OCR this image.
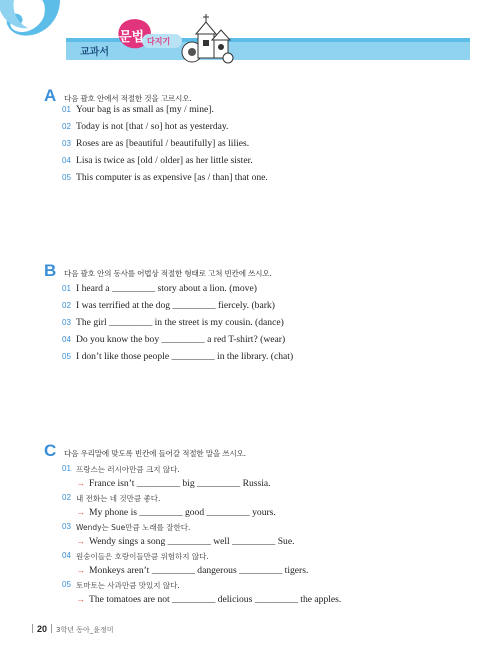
교과서
문법 다지기
A 다음 괄호 안에서 적절한 것을 고르시오.
01 Your bag is as small as [my / mine].
02 Today is not [that / so] hot as yesterday.
03 Roses are as [beautiful / beautifully] as lilies.
04 Lisa is twice as [old / older] as her little sister.
05 This computer is as expensive [as / than] that one.
B 다음 괄호 안의 동사를 어법상 적절한 형태로 고쳐 빈칸에 쓰시오.
01 I heard a _________ story about a lion. (move)
02 I was terrified at the dog _________ fiercely. (bark)
03 The girl _________ in the street is my cousin. (dance)
04 Do you know the boy _________ a red T-shirt? (wear)
05 I don’t like those people _________ in the library. (chat)
C 다음 우리말에 맞도록 빈칸에 들어갈 적절한 말을 쓰시오.
01 프랑스는 러시아만큼 크지 않다.
→ France isn’t _________ big _________ Russia.
02 내 전화는 네 것만큼 좋다.
→ My phone is _________ good _________ yours.
03 Wendy는 Sue만큼 노래를 잘한다.
→ Wendy sings a song _________ well _________ Sue.
04 원숭이들은 호랑이들만큼 위험하지 않다.
→ Monkeys aren’t _________ dangerous _________ tigers.
05 토마토는 사과만큼 맛있지 않다.
→ The tomatoes are not _________ delicious _________ the apples.
20 3학년 동아_윤정미
